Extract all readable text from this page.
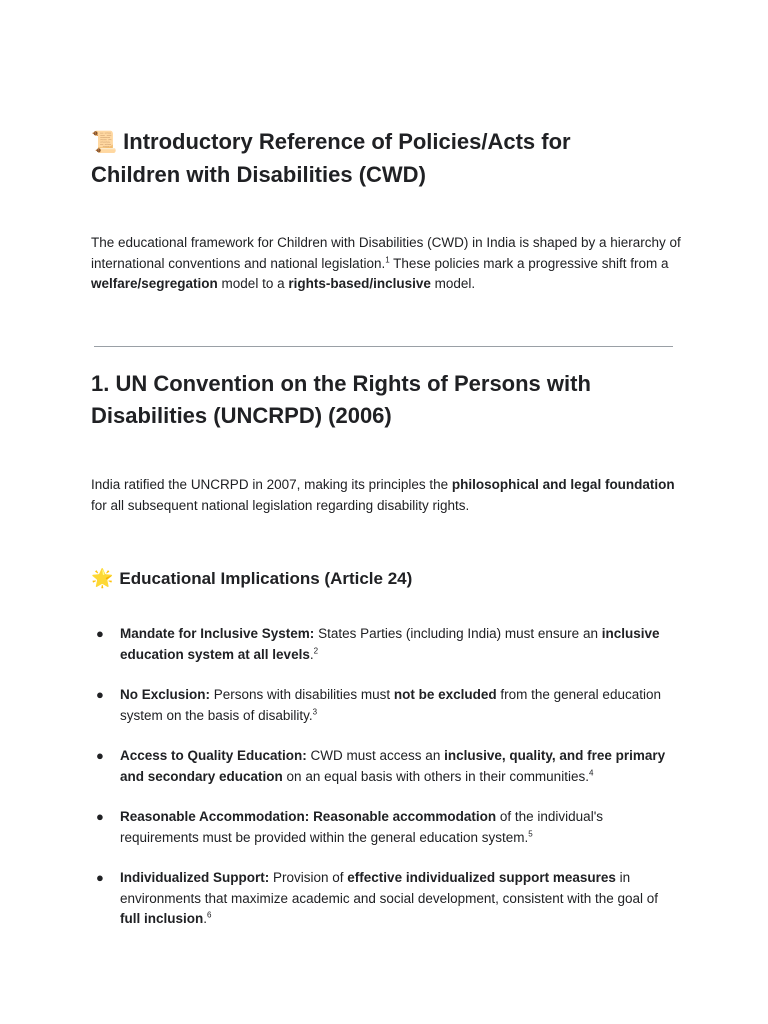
📜 Introductory Reference of Policies/Acts for
Children with Disabilities (CWD)
The educational framework for Children with Disabilities (CWD) in India is shaped by a hierarchy of international conventions and national legislation.$^1$ These policies mark a progressive shift from a welfare/segregation model to a rights-based/inclusive model.
1. UN Convention on the Rights of Persons with
Disabilities (UNCRPD) (2006)
India ratified the UNCRPD in 2007, making its principles the philosophical and legal foundation for all subsequent national legislation regarding disability rights.
🌟 Educational Implications (Article 24)
● Mandate for Inclusive System: States Parties (including India) must ensure an inclusive education system at all levels.$^2$
● No Exclusion: Persons with disabilities must not be excluded from the general education system on the basis of disability.$^3$
● Access to Quality Education: CWD must access an inclusive, quality, and free primary and secondary education on an equal basis with others in their communities.$^4$
● Reasonable Accommodation: Reasonable accommodation of the individual's requirements must be provided within the general education system.$^5$
● Individualized Support: Provision of effective individualized support measures in environments that maximize academic and social development, consistent with the goal of full inclusion.$^6$
